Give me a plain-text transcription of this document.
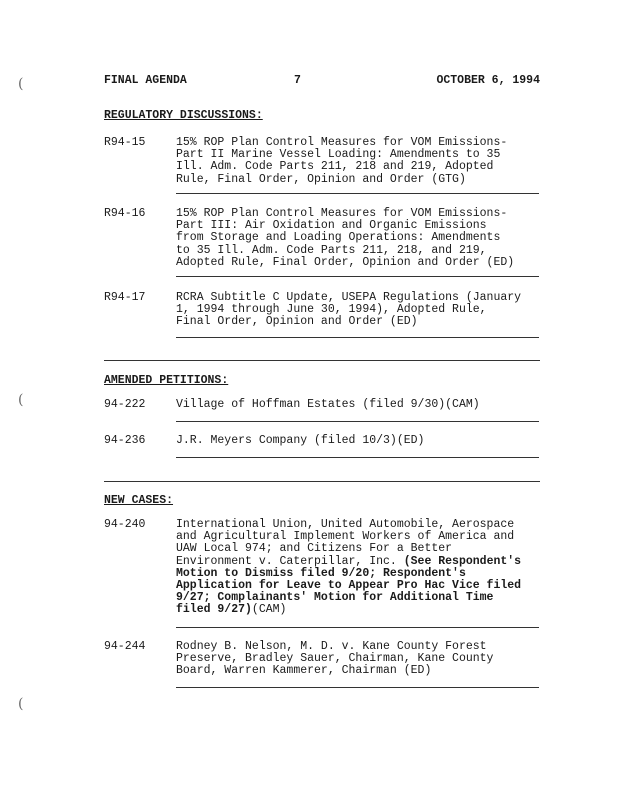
(
(
(
FINAL AGENDA	7	OCTOBER 6, 1994
REGULATORY DISCUSSIONS:
R94-15	15% ROP Plan Control Measures for VOM Emissions-
Part II Marine Vessel Loading: Amendments to 35
Ill. Adm. Code Parts 211, 218 and 219, Adopted
Rule, Final Order, Opinion and Order (GTG)
R94-16	15% ROP Plan Control Measures for VOM Emissions-
Part III: Air Oxidation and Organic Emissions
from Storage and Loading Operations: Amendments
to 35 Ill. Adm. Code Parts 211, 218, and 219,
Adopted Rule, Final Order, Opinion and Order (ED)
R94-17	RCRA Subtitle C Update, USEPA Regulations (January
1, 1994 through June 30, 1994), Adopted Rule,
Final Order, Opinion and Order (ED)
AMENDED PETITIONS:
94-222	Village of Hoffman Estates (filed 9/30)(CAM)
94-236	J.R. Meyers Company (filed 10/3)(ED)
NEW CASES:
94-240	International Union, United Automobile, Aerospace
and Agricultural Implement Workers of America and
UAW Local 974; and Citizens For a Better
Environment v. Caterpillar, Inc. (See Respondent's
Motion to Dismiss filed 9/20; Respondent's
Application for Leave to Appear Pro Hac Vice filed
9/27; Complainants' Motion for Additional Time
filed 9/27)(CAM)
94-244	Rodney B. Nelson, M. D. v. Kane County Forest
Preserve, Bradley Sauer, Chairman, Kane County
Board, Warren Kammerer, Chairman (ED)
